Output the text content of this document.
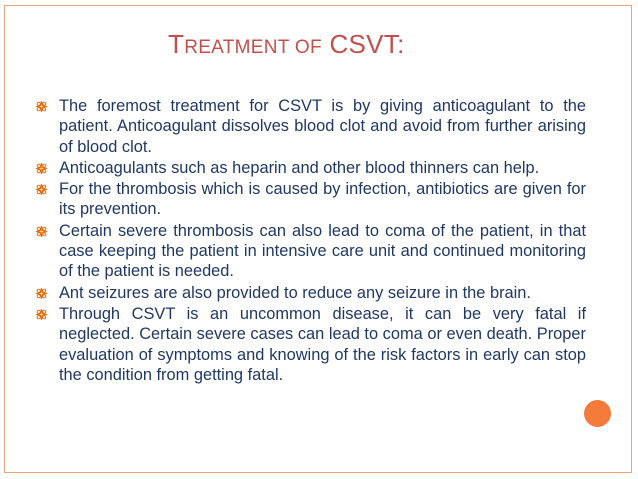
TREATMENT OF CSVT:
The foremost treatment for CSVT is by giving anticoagulant to the patient. Anticoagulant dissolves blood clot and avoid from further arising of blood clot.
Anticoagulants such as heparin and other blood thinners can help.
For the thrombosis which is caused by infection, antibiotics are given for its prevention.
Certain severe thrombosis can also lead to coma of the patient, in that case keeping the patient in intensive care unit and continued monitoring of the patient is needed.
Ant seizures are also provided to reduce any seizure in the brain.
Through CSVT is an uncommon disease, it can be very fatal if neglected. Certain severe cases can lead to coma or even death. Proper evaluation of symptoms and knowing of the risk factors in early can stop the condition from getting fatal.
